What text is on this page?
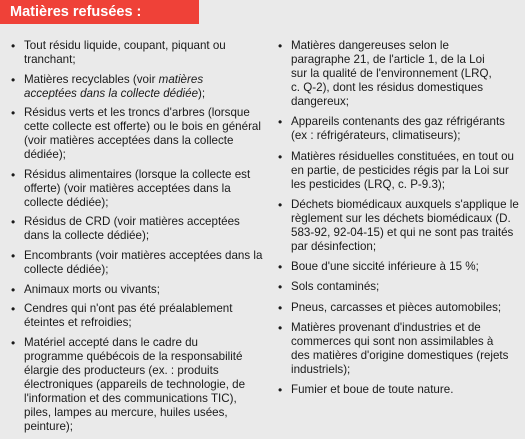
Matières refusées :
• Tout résidu liquide, coupant, piquant ou tranchant;
• Matières recyclables (voir matières acceptées dans la collecte dédiée);
• Résidus verts et les troncs d'arbres (lorsque cette collecte est offerte) ou le bois en général (voir matières acceptées dans la collecte dédiée);
• Résidus alimentaires (lorsque la collecte est offerte) (voir matières acceptées dans la collecte dédiée);
• Résidus de CRD (voir matières acceptées dans la collecte dédiée);
• Encombrants (voir matières acceptées dans la collecte dédiée);
• Animaux morts ou vivants;
• Cendres qui n'ont pas été préalablement éteintes et refroidies;
• Matériel accepté dans le cadre du programme québécois de la responsabilité élargie des producteurs (ex. : produits électroniques (appareils de technologie, de l'information et des communications TIC), piles, lampes au mercure, huiles usées, peinture);
• Matières dangereuses selon le paragraphe 21, de l'article 1, de la Loi sur la qualité de l'environnement (LRQ, c. Q-2), dont les résidus domestiques dangereux;
• Appareils contenants des gaz réfrigérants (ex : réfrigérateurs, climatiseurs);
• Matières résiduelles constituées, en tout ou en partie, de pesticides régis par la Loi sur les pesticides (LRQ, c. P-9.3);
• Déchets biomédicaux auxquels s'applique le règlement sur les déchets biomédicaux (D. 583-92, 92-04-15) et qui ne sont pas traités par désinfection;
• Boue d'une siccité inférieure à 15 %;
• Sols contaminés;
• Pneus, carcasses et pièces automobiles;
• Matières provenant d'industries et de commerces qui sont non assimilables à des matières d'origine domestiques (rejets industriels);
• Fumier et boue de toute nature.
